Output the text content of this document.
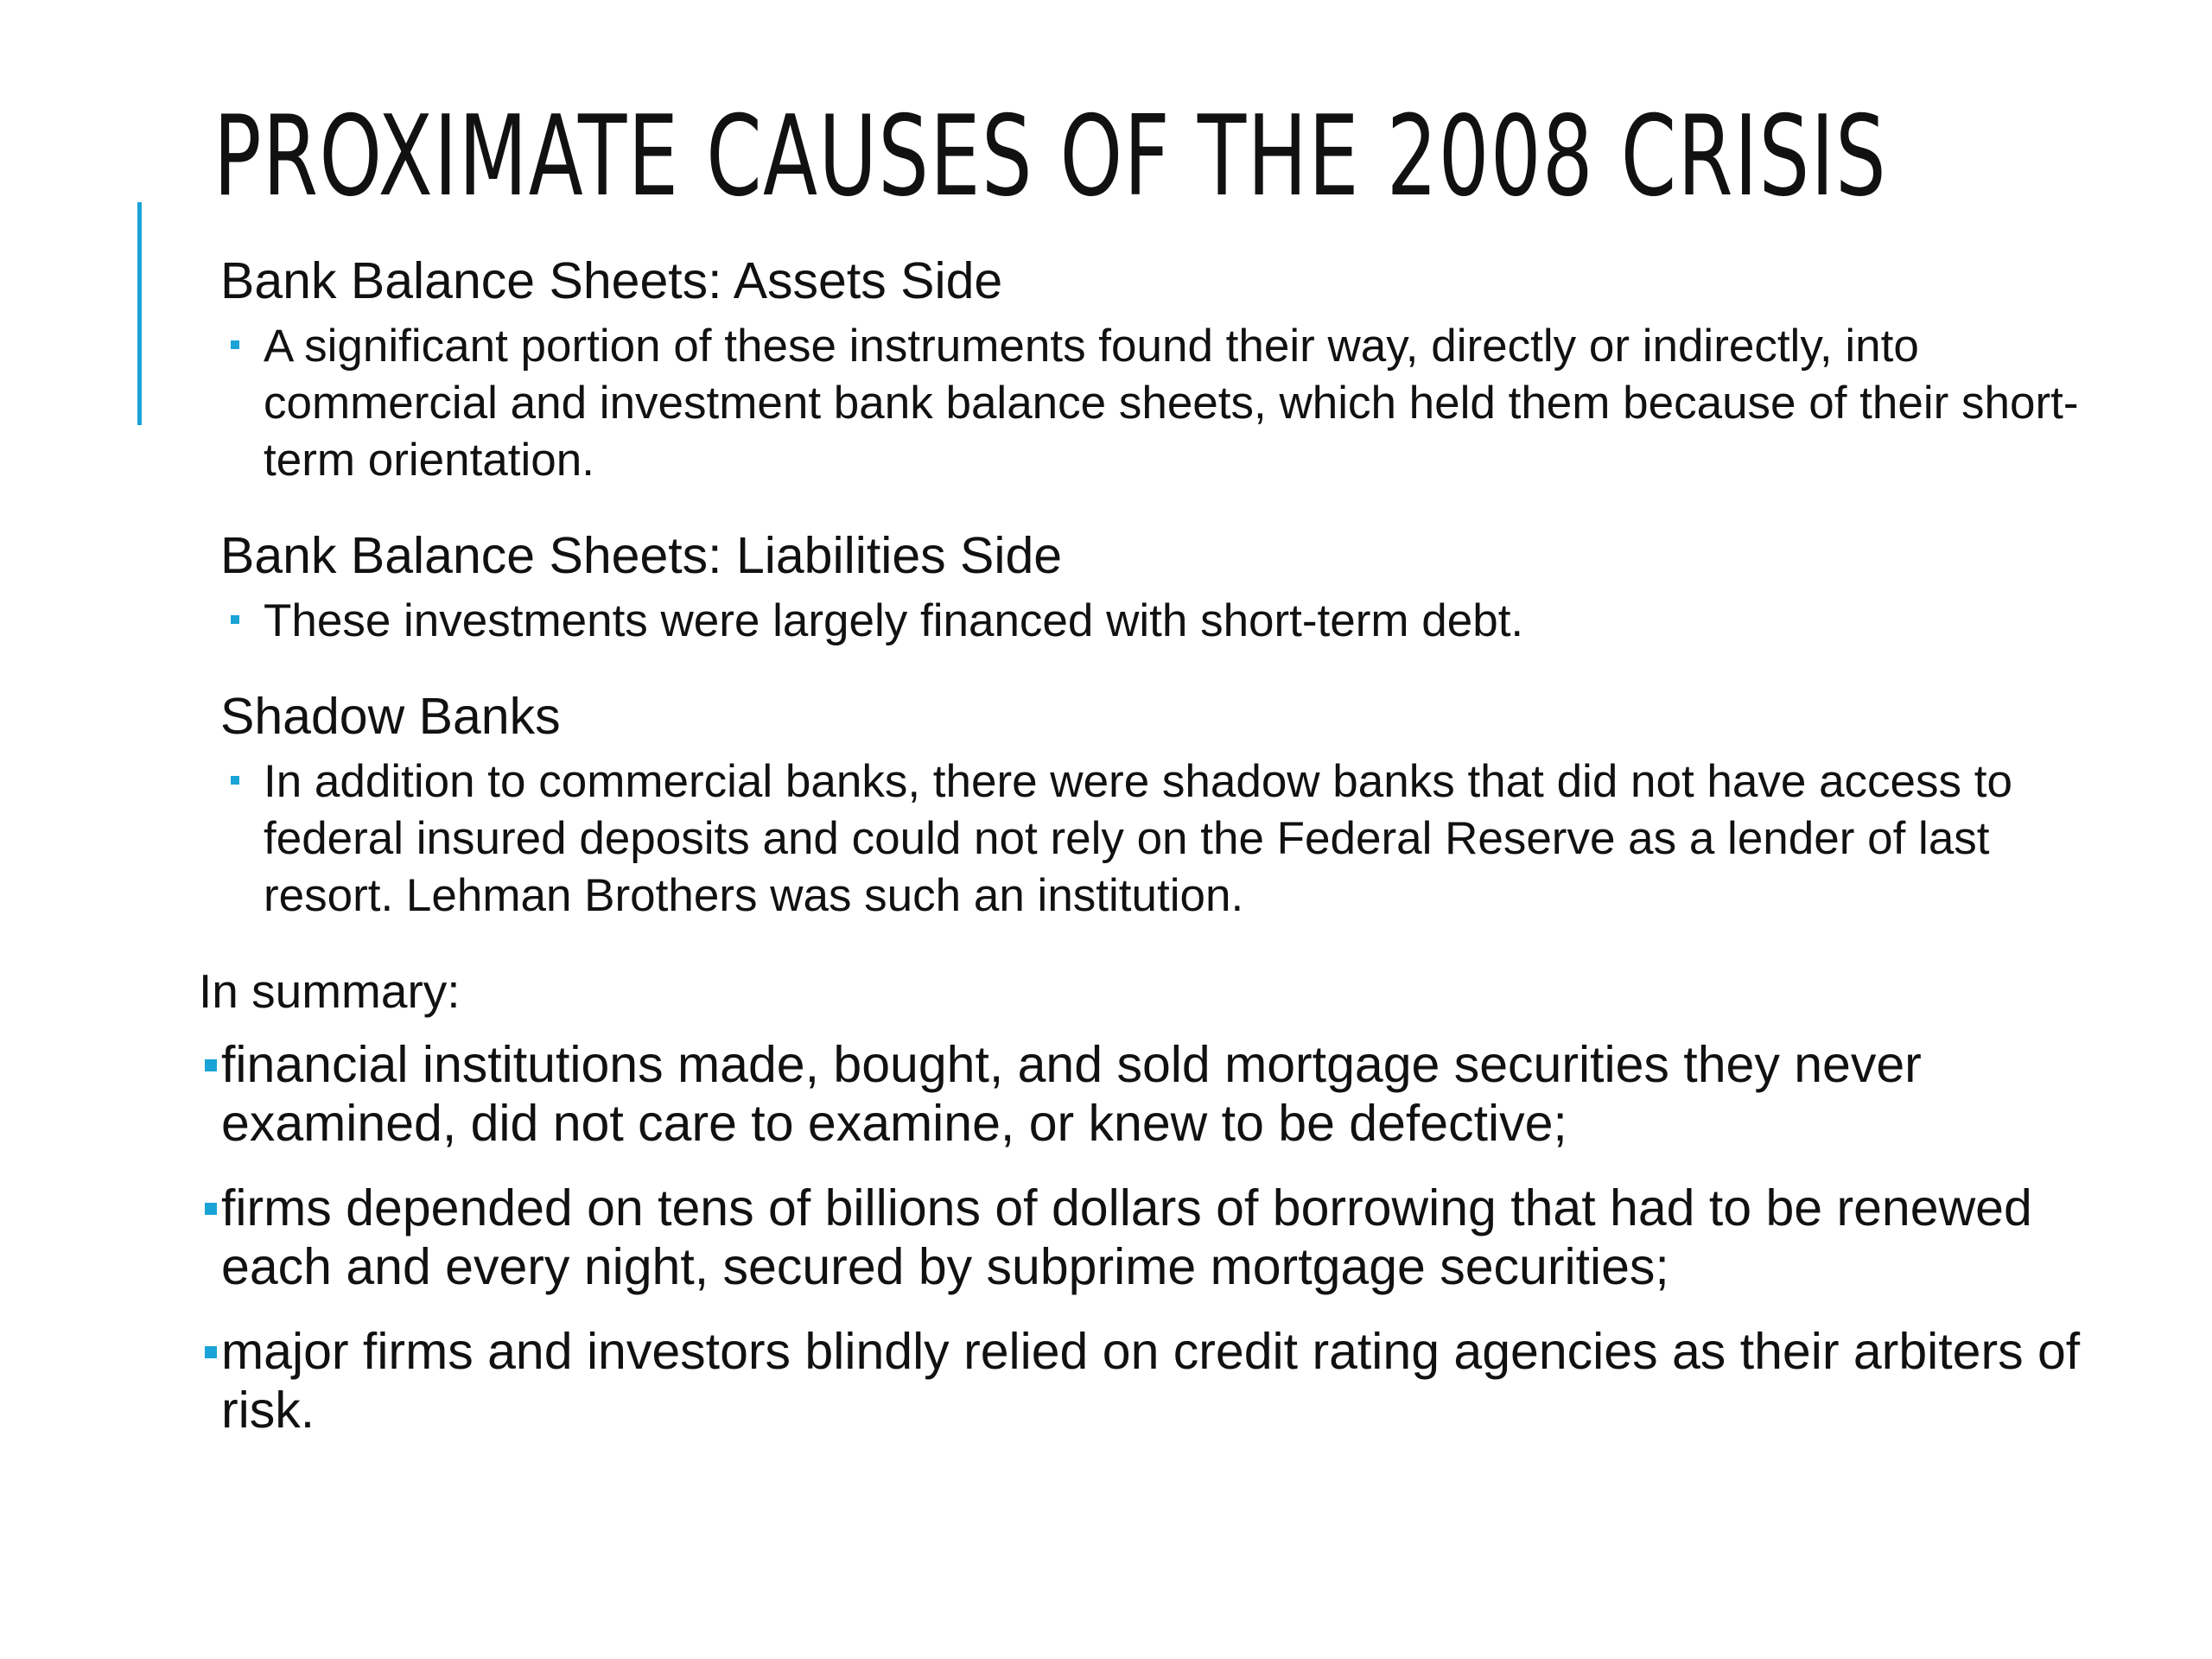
PROXIMATE CAUSES OF THE 2008 CRISIS
Bank Balance Sheets: Assets Side
A significant portion of these instruments found their way, directly or indirectly, into commercial and investment bank balance sheets, which held them because of their short-term orientation.
Bank Balance Sheets: Liabilities Side
These investments were largely financed with short-term debt.
Shadow Banks
In addition to commercial banks, there were shadow banks that did not have access to federal insured deposits and could not rely on the Federal Reserve as a lender of last resort. Lehman Brothers was such an institution.
In summary:
financial institutions made, bought, and sold mortgage securities they never examined, did not care to examine, or knew to be defective;
firms depended on tens of billions of dollars of borrowing that had to be renewed each and every night, secured by subprime mortgage securities;
major firms and investors blindly relied on credit rating agencies as their arbiters of risk.
